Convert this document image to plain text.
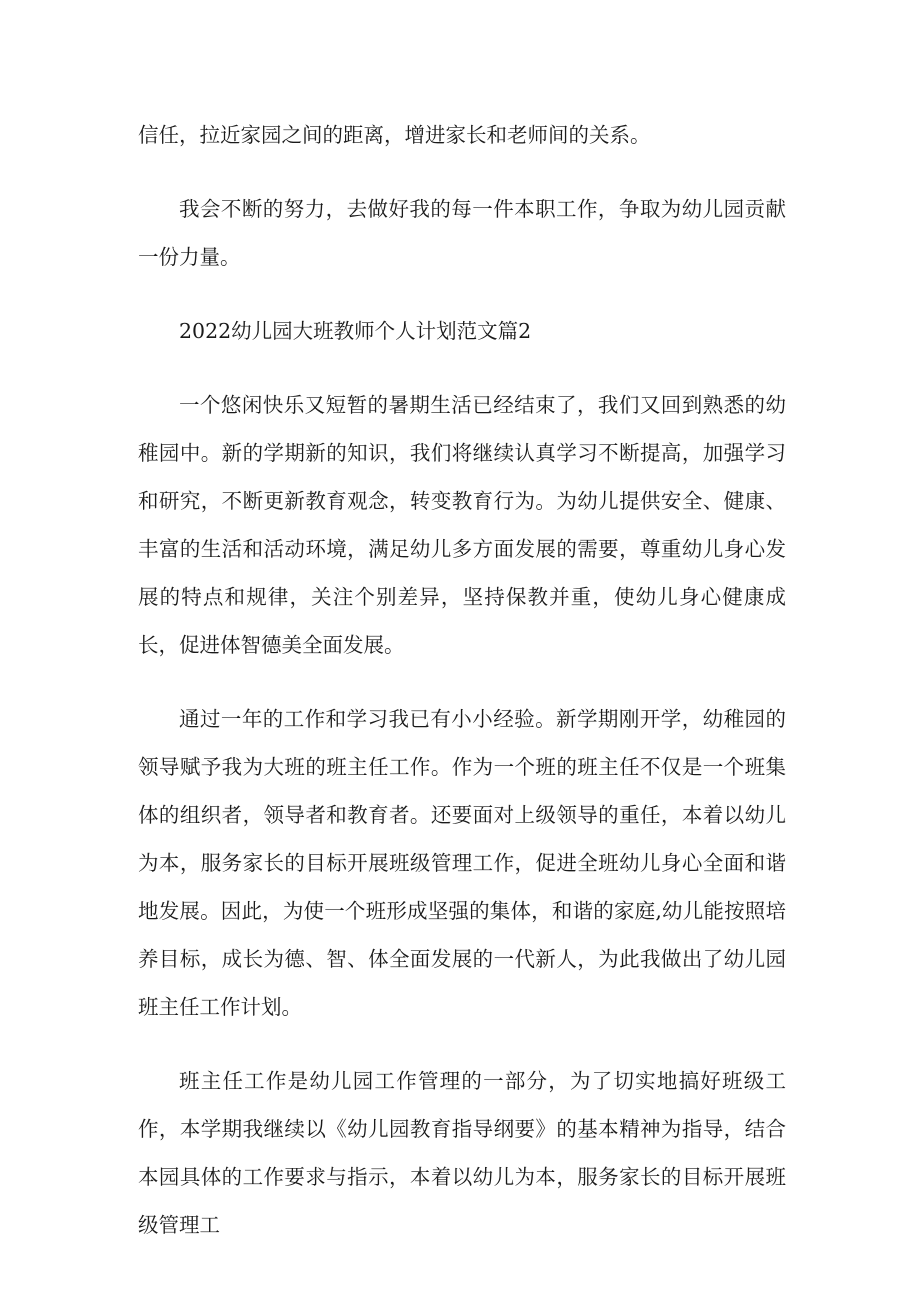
信任，拉近家园之间的距离，增进家长和老师间的关系。

我会不断的努力，去做好我的每一件本职工作，争取为幼儿园贡献一份力量。

2022幼儿园大班教师个人计划范文篇2

一个悠闲快乐又短暂的暑期生活已经结束了，我们又回到熟悉的幼稚园中。新的学期新的知识，我们将继续认真学习不断提高，加强学习和研究，不断更新教育观念，转变教育行为。为幼儿提供安全、健康、丰富的生活和活动环境，满足幼儿多方面发展的需要，尊重幼儿身心发展的特点和规律，关注个别差异，坚持保教并重，使幼儿身心健康成长，促进体智德美全面发展。

通过一年的工作和学习我已有小小经验。新学期刚开学，幼稚园的领导赋予我为大班的班主任工作。作为一个班的班主任不仅是一个班集体的组织者，领导者和教育者。还要面对上级领导的重任，本着以幼儿为本，服务家长的目标开展班级管理工作，促进全班幼儿身心全面和谐地发展。因此，为使一个班形成坚强的集体，和谐的家庭,幼儿能按照培养目标，成长为德、智、体全面发展的一代新人，为此我做出了幼儿园班主任工作计划。

班主任工作是幼儿园工作管理的一部分，为了切实地搞好班级工作，本学期我继续以《幼儿园教育指导纲要》的基本精神为指导，结合本园具体的工作要求与指示，本着以幼儿为本，服务家长的目标开展班级管理工
